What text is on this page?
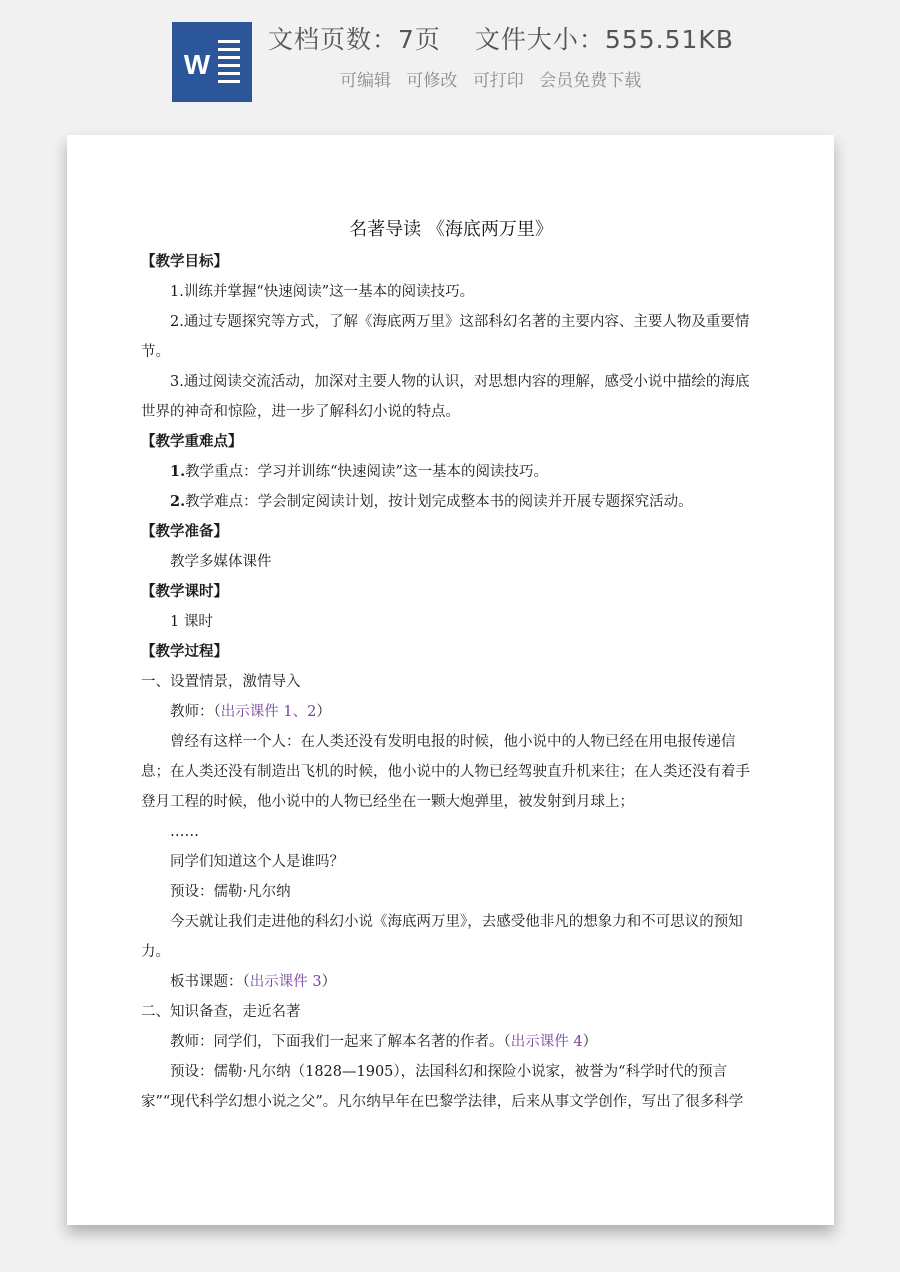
W
文档页数：7页 文件大小：555.51KB
可编辑 可修改 可打印 会员免费下载
名著导读 《海底两万里》

【教学目标】

1.训练并掌握“快速阅读”这一基本的阅读技巧。

2.通过专题探究等方式，了解《海底两万里》这部科幻名著的主要内容、主要人物及重要情节。

3.通过阅读交流活动，加深对主要人物的认识，对思想内容的理解，感受小说中描绘的海底世界的神奇和惊险，进一步了解科幻小说的特点。

【教学重难点】

1.教学重点：学习并训练“快速阅读”这一基本的阅读技巧。

2.教学难点：学会制定阅读计划，按计划完成整本书的阅读并开展专题探究活动。

【教学准备】

教学多媒体课件

【教学课时】

1 课时

【教学过程】

一、设置情景，激情导入

教师：（出示课件 1、2）

曾经有这样一个人：在人类还没有发明电报的时候，他小说中的人物已经在用电报传递信息；在人类还没有制造出飞机的时候，他小说中的人物已经驾驶直升机来往；在人类还没有着手登月工程的时候，他小说中的人物已经坐在一颗大炮弹里，被发射到月球上；

……

同学们知道这个人是谁吗？

预设：儒勒·凡尔纳

今天就让我们走进他的科幻小说《海底两万里》，去感受他非凡的想象力和不可思议的预知力。

板书课题：（出示课件 3）

二、知识备查，走近名著

教师：同学们，下面我们一起来了解本名著的作者。（出示课件 4）

预设：儒勒·凡尔纳（1828—1905），法国科幻和探险小说家，被誉为“科学时代的预言家”“现代科学幻想小说之父”。凡尔纳早年在巴黎学法律，后来从事文学创作，写出了很多科学
